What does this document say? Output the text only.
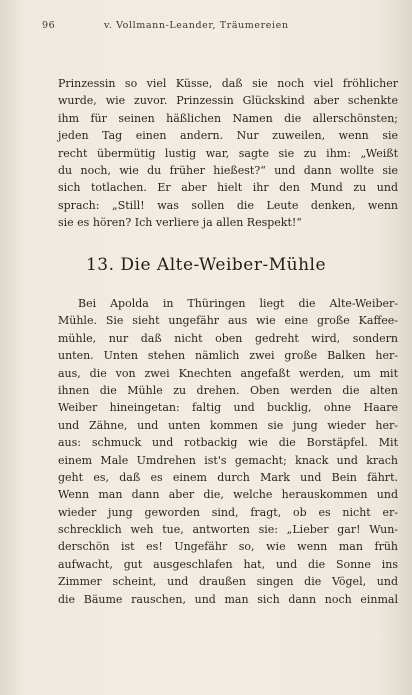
96	v. Vollmann-Leander, Träumereien
Prinzessin so viel Küsse, daß sie noch viel fröhlicher
wurde, wie zuvor. Prinzessin Glückskind aber schenkte
ihm für seinen häßlichen Namen die allerschönsten;
jeden Tag einen andern. Nur zuweilen, wenn sie
recht übermütig lustig war, sagte sie zu ihm: „Weißt
du noch, wie du früher hießest?“ und dann wollte sie
sich totlachen. Er aber hielt ihr den Mund zu und
sprach: „Still! was sollen die Leute denken, wenn
sie es hören? Ich verliere ja allen Respekt!“
13. Die Alte-Weiber-Mühle
Bei Apolda in Thüringen liegt die Alte-Weiber-
Mühle. Sie sieht ungefähr aus wie eine große Kaffee-
mühle, nur daß nicht oben gedreht wird, sondern
unten. Unten stehen nämlich zwei große Balken her-
aus, die von zwei Knechten angefaßt werden, um mit
ihnen die Mühle zu drehen. Oben werden die alten
Weiber hineingetan: faltig und bucklig, ohne Haare
und Zähne, und unten kommen sie jung wieder her-
aus: schmuck und rotbackig wie die Borstäpfel. Mit
einem Male Umdrehen ist's gemacht; knack und krach
geht es, daß es einem durch Mark und Bein fährt.
Wenn man dann aber die, welche herauskommen und
wieder jung geworden sind, fragt, ob es nicht er-
schrecklich weh tue, antworten sie: „Lieber gar! Wun-
derschön ist es! Ungefähr so, wie wenn man früh
aufwacht, gut ausgeschlafen hat, und die Sonne ins
Zimmer scheint, und draußen singen die Vögel, und
die Bäume rauschen, und man sich dann noch einmal
